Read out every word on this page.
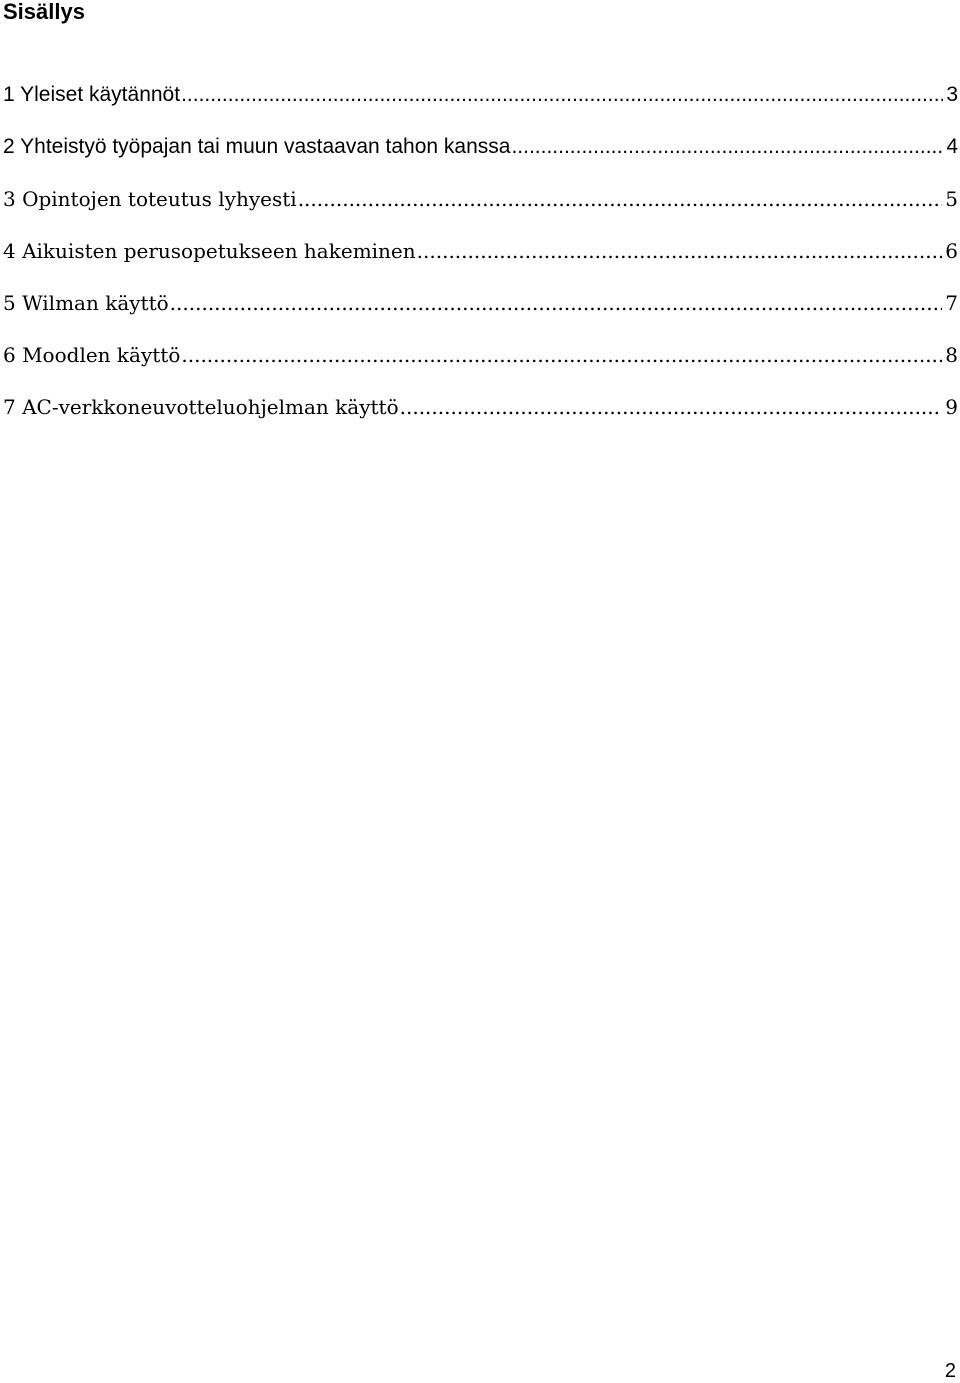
Sisällys
1 Yleiset käytännöt .....	3
2 Yhteistyö työpajan tai muun vastaavan tahon kanssa .....	4
3 Opintojen toteutus lyhyesti .....	5
4 Aikuisten perusopetukseen hakeminen .....	6
5 Wilman käyttö .....	7
6 Moodlen käyttö .....	8
7 AC-verkkoneuvotteluohjelman käyttö .....	9
2
